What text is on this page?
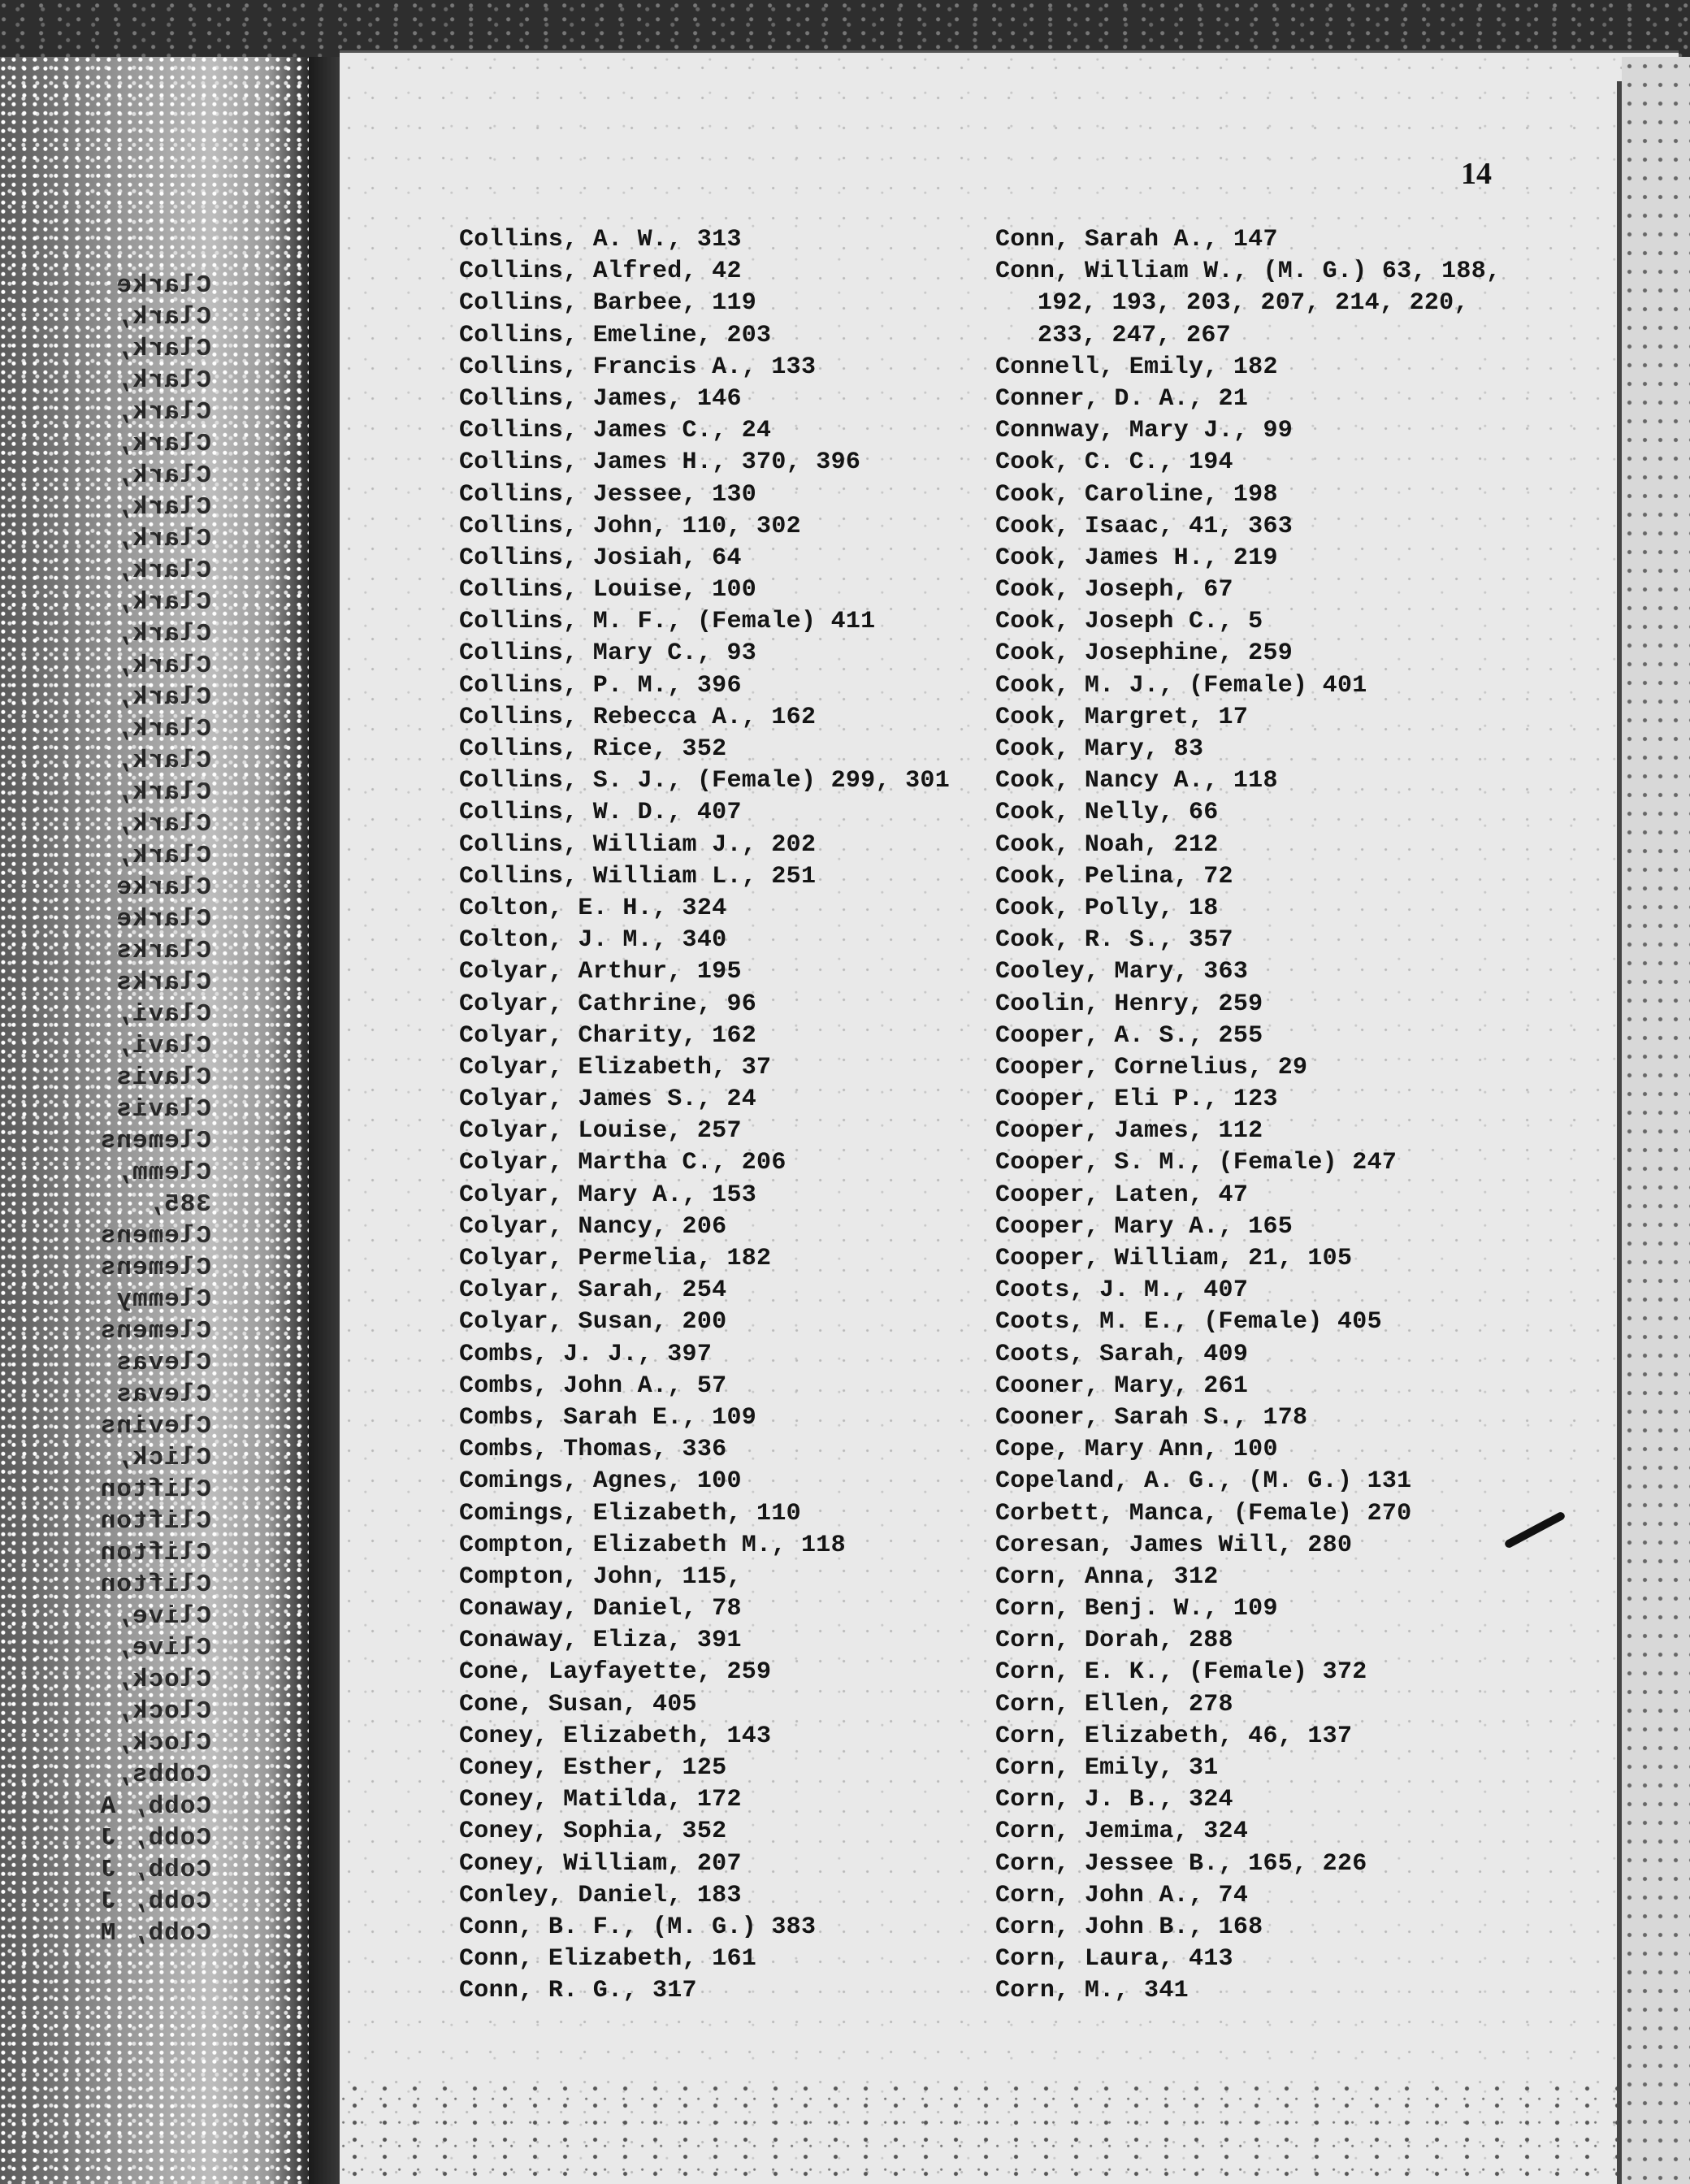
Clarke
Clark,
Clark,
Clark,
Clark,
Clark,
Clark,
Clark,
Clark,
Clark,
Clark,
Clark,
Clark,
Clark,
Clark,
Clark,
Clark,
Clark,
Clark,
Clarke
Clarke
Clarks
Clarks
Clavi,
Clavi,
Clavis
Clavis
Clemens
Clemm,
385,
Clemens
Clemens
Clemmy
Clemens
Clevas
Clevas
Clevins
Click,
Clifton
Clifton
Clifton
Clifton
Clive,
Clive,
Clock,
Clock,
Clock,
Cobbs,
Cobb, A
Cobb, J
Cobb, J
Cobb, J
Cobb, M
14
Collins, A. W., 313
Collins, Alfred, 42
Collins, Barbee, 119
Collins, Emeline, 203
Collins, Francis A., 133
Collins, James, 146
Collins, James C., 24
Collins, James H., 370, 396
Collins, Jessee, 130
Collins, John, 110, 302
Collins, Josiah, 64
Collins, Louise, 100
Collins, M. F., (Female) 411
Collins, Mary C., 93
Collins, P. M., 396
Collins, Rebecca A., 162
Collins, Rice, 352
Collins, S. J., (Female) 299, 301
Collins, W. D., 407
Collins, William J., 202
Collins, William L., 251
Colton, E. H., 324
Colton, J. M., 340
Colyar, Arthur, 195
Colyar, Cathrine, 96
Colyar, Charity, 162
Colyar, Elizabeth, 37
Colyar, James S., 24
Colyar, Louise, 257
Colyar, Martha C., 206
Colyar, Mary A., 153
Colyar, Nancy, 206
Colyar, Permelia, 182
Colyar, Sarah, 254
Colyar, Susan, 200
Combs, J. J., 397
Combs, John A., 57
Combs, Sarah E., 109
Combs, Thomas, 336
Comings, Agnes, 100
Comings, Elizabeth, 110
Compton, Elizabeth M., 118
Compton, John, 115,
Conaway, Daniel, 78
Conaway, Eliza, 391
Cone, Layfayette, 259
Cone, Susan, 405
Coney, Elizabeth, 143
Coney, Esther, 125
Coney, Matilda, 172
Coney, Sophia, 352
Coney, William, 207
Conley, Daniel, 183
Conn, B. F., (M. G.) 383
Conn, Elizabeth, 161
Conn, R. G., 317
Conn, Sarah A., 147
Conn, William W., (M. G.) 63, 188,
192, 193, 203, 207, 214, 220,
233, 247, 267
Connell, Emily, 182
Conner, D. A., 21
Connway, Mary J., 99
Cook, C. C., 194
Cook, Caroline, 198
Cook, Isaac, 41, 363
Cook, James H., 219
Cook, Joseph, 67
Cook, Joseph C., 5
Cook, Josephine, 259
Cook, M. J., (Female) 401
Cook, Margret, 17
Cook, Mary, 83
Cook, Nancy A., 118
Cook, Nelly, 66
Cook, Noah, 212
Cook, Pelina, 72
Cook, Polly, 18
Cook, R. S., 357
Cooley, Mary, 363
Coolin, Henry, 259
Cooper, A. S., 255
Cooper, Cornelius, 29
Cooper, Eli P., 123
Cooper, James, 112
Cooper, S. M., (Female) 247
Cooper, Laten, 47
Cooper, Mary A., 165
Cooper, William, 21, 105
Coots, J. M., 407
Coots, M. E., (Female) 405
Coots, Sarah, 409
Cooner, Mary, 261
Cooner, Sarah S., 178
Cope, Mary Ann, 100
Copeland, A. G., (M. G.) 131
Corbett, Manca, (Female) 270
Coresan, James Will, 280
Corn, Anna, 312
Corn, Benj. W., 109
Corn, Dorah, 288
Corn, E. K., (Female) 372
Corn, Ellen, 278
Corn, Elizabeth, 46, 137
Corn, Emily, 31
Corn, J. B., 324
Corn, Jemima, 324
Corn, Jessee B., 165, 226
Corn, John A., 74
Corn, John B., 168
Corn, Laura, 413
Corn, M., 341
